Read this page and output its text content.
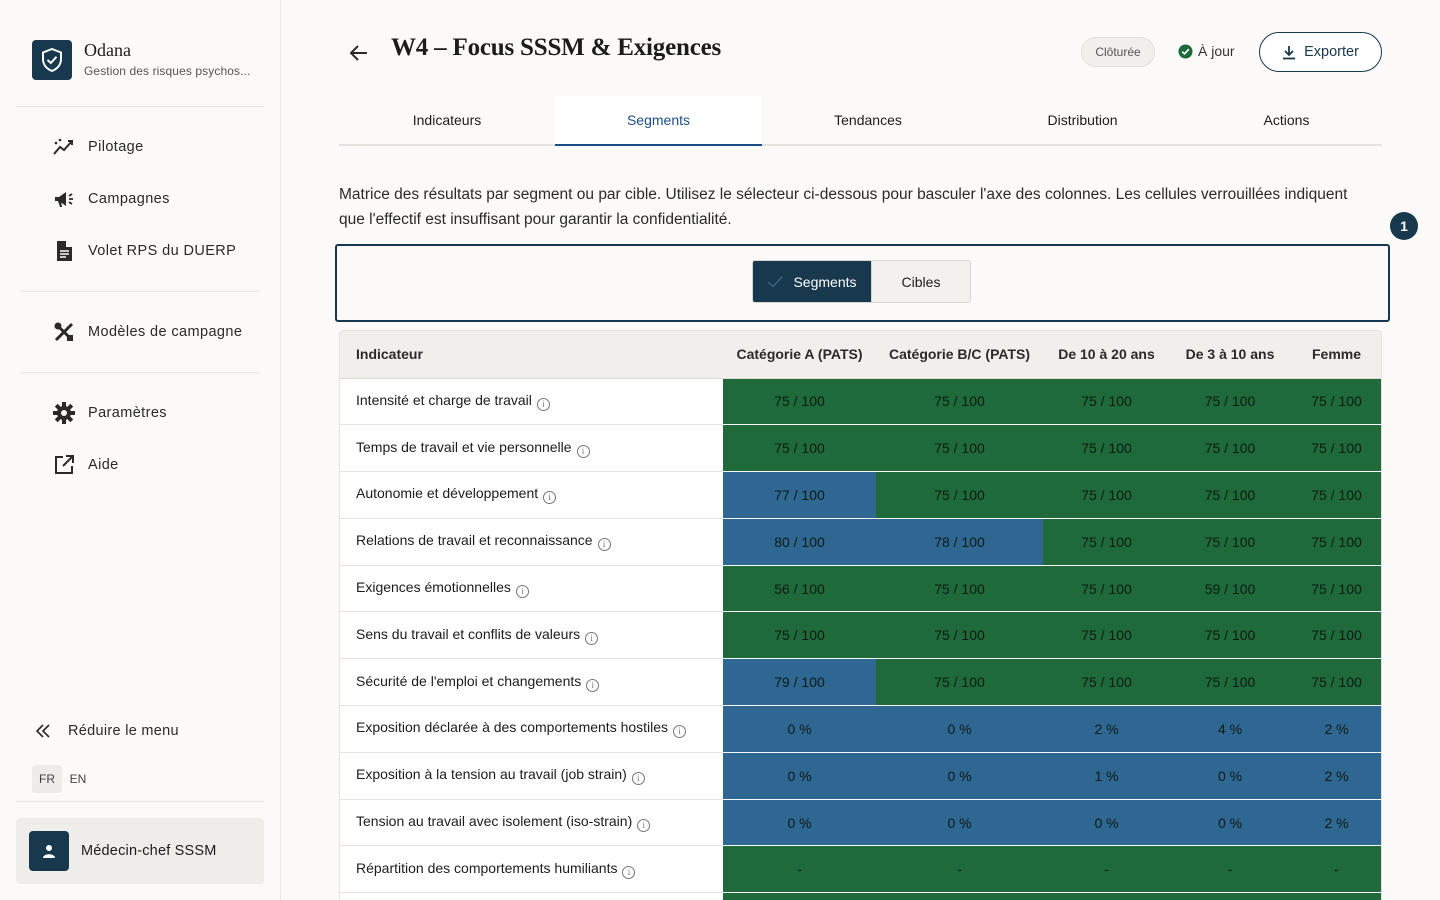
Odana
Gestion des risques psychos...
Pilotage
Campagnes
Volet RPS du DUERP
Modèles de campagne
Paramètres
Aide
Réduire le menu
FR	EN
Médecin-chef SSSM
W4 – Focus SSSM & Exigences	Clôturée	À jour	Exporter
Indicateurs	Segments	Tendances	Distribution	Actions

Matrice des résultats par segment ou par cible. Utilisez le sélecteur ci-dessous pour basculer l'axe des colonnes. Les cellules verrouillées indiquent que l'effectif est insuffisant pour garantir la confidentialité.	1
Segments	Cibles
Indicateur	Catégorie A (PATS)	Catégorie B/C (PATS)	De 10 à 20 ans	De 3 à 10 ans	Femme
Intensité et charge de travail i	75 / 100	75 / 100	75 / 100	75 / 100	75 / 100
Temps de travail et vie personnelle i	75 / 100	75 / 100	75 / 100	75 / 100	75 / 100
Autonomie et développement i	77 / 100	75 / 100	75 / 100	75 / 100	75 / 100
Relations de travail et reconnaissance i	80 / 100	78 / 100	75 / 100	75 / 100	75 / 100
Exigences émotionnelles i	56 / 100	75 / 100	75 / 100	59 / 100	75 / 100
Sens du travail et conflits de valeurs i	75 / 100	75 / 100	75 / 100	75 / 100	75 / 100
Sécurité de l'emploi et changements i	79 / 100	75 / 100	75 / 100	75 / 100	75 / 100
Exposition déclarée à des comportements hostiles i	0 %	0 %	2 %	4 %	2 %
Exposition à la tension au travail (job strain) i	0 %	0 %	1 %	0 %	2 %
Tension au travail avec isolement (iso-strain) i	0 %	0 %	0 %	0 %	2 %
Répartition des comportements humiliants i	-	-	-	-	-
